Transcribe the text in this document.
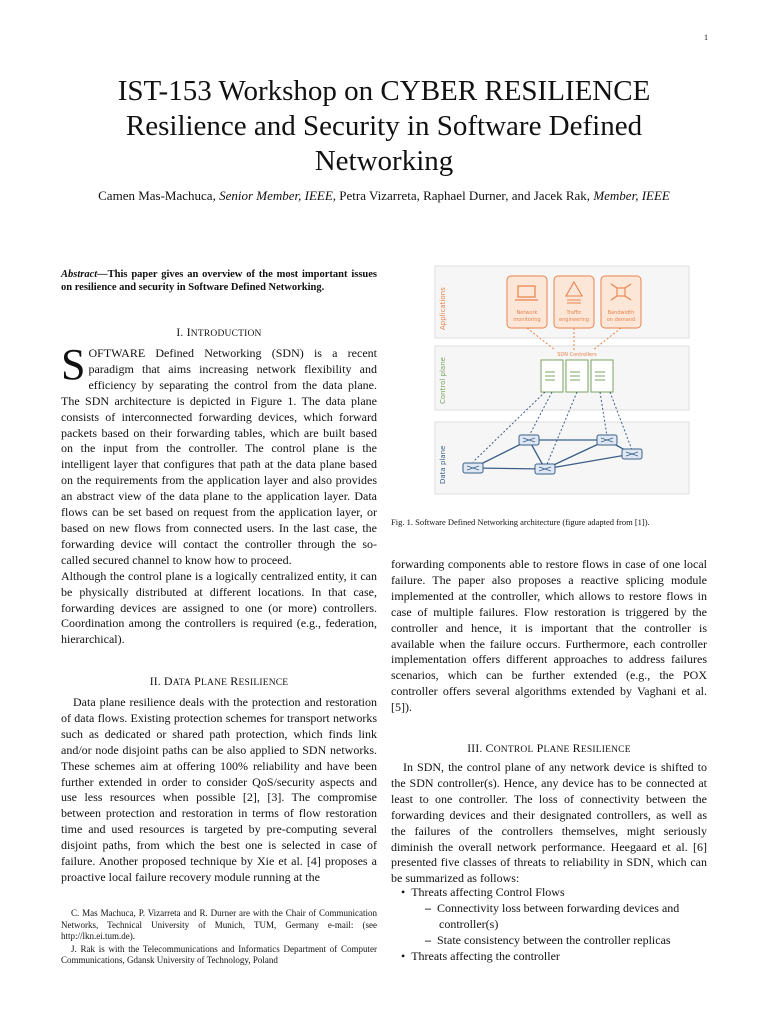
1
IST-153 Workshop on CYBER RESILIENCE
Resilience and Security in Software Defined
Networking
Camen Mas-Machuca, Senior Member, IEEE, Petra Vizarreta, Raphael Durner, and Jacek Rak, Member, IEEE
Abstract—This paper gives an overview of the most important issues on resilience and security in Software Defined Networking.
I. INTRODUCTION

SOFTWARE Defined Networking (SDN) is a recent paradigm that aims increasing network flexibility and efficiency by separating the control from the data plane. The SDN architecture is depicted in Figure 1. The data plane consists of interconnected forwarding devices, which forward packets based on their forwarding tables, which are built based on the input from the controller. The control plane is the intelligent layer that configures that path at the data plane based on the requirements from the application layer and also provides an abstract view of the data plane to the application layer. Data flows can be set based on request from the application layer, or based on new flows from connected users. In the last case, the forwarding device will contact the controller through the so-called secured channel to know how to proceed.

Although the control plane is a logically centralized entity, it can be physically distributed at different locations. In that case, forwarding devices are assigned to one (or more) controllers. Coordination among the controllers is required (e.g., federation, hierarchical).

II. DATA PLANE RESILIENCE

Data plane resilience deals with the protection and restoration of data flows. Existing protection schemes for transport networks such as dedicated or shared path protection, which finds link and/or node disjoint paths can be also applied to SDN networks. These schemes aim at offering 100% reliability and have been further extended in order to consider QoS/security aspects and use less resources when possible [2], [3]. The compromise between protection and restoration in terms of flow restoration time and used resources is targeted by pre-computing several disjoint paths, from which the best one is selected in case of failure. Another proposed technique by Xie et al. [4] proposes a proactive local failure recovery module running at the

C. Mas Machuca, P. Vizarreta and R. Durner are with the Chair of Communication Networks, Technical University of Munich, TUM, Germany e-mail: (see http://lkn.ei.tum.de).

J. Rak is with the Telecommunications and Informatics Department of Computer Communications, Gdansk University of Technology, Poland

Applications
Control plane
Data plane
Network
monitoring
Traffic
engineering
Bandwidth
on demand
SDN Controllers
Fig. 1. Software Defined Networking architecture (figure adapted from [1]).

forwarding components able to restore flows in case of one local failure. The paper also proposes a reactive splicing module implemented at the controller, which allows to restore flows in case of multiple failures. Flow restoration is triggered by the controller and hence, it is important that the controller is available when the failure occurs. Furthermore, each controller implementation offers different approaches to address failures scenarios, which can be further extended (e.g., the POX controller offers several algorithms extended by Vaghani et al. [5]).

III. CONTROL PLANE RESILIENCE

In SDN, the control plane of any network device is shifted to the SDN controller(s). Hence, any device has to be connected at least to one controller. The loss of connectivity between the forwarding devices and their designated controllers, as well as the failures of the controllers themselves, might seriously diminish the overall network performance. Heegaard et al. [6] presented five classes of threats to reliability in SDN, which can be summarized as follows:

• Threats affecting Control Flows
– Connectivity loss between forwarding devices and controller(s)
– State consistency between the controller replicas
• Threats affecting the controller
